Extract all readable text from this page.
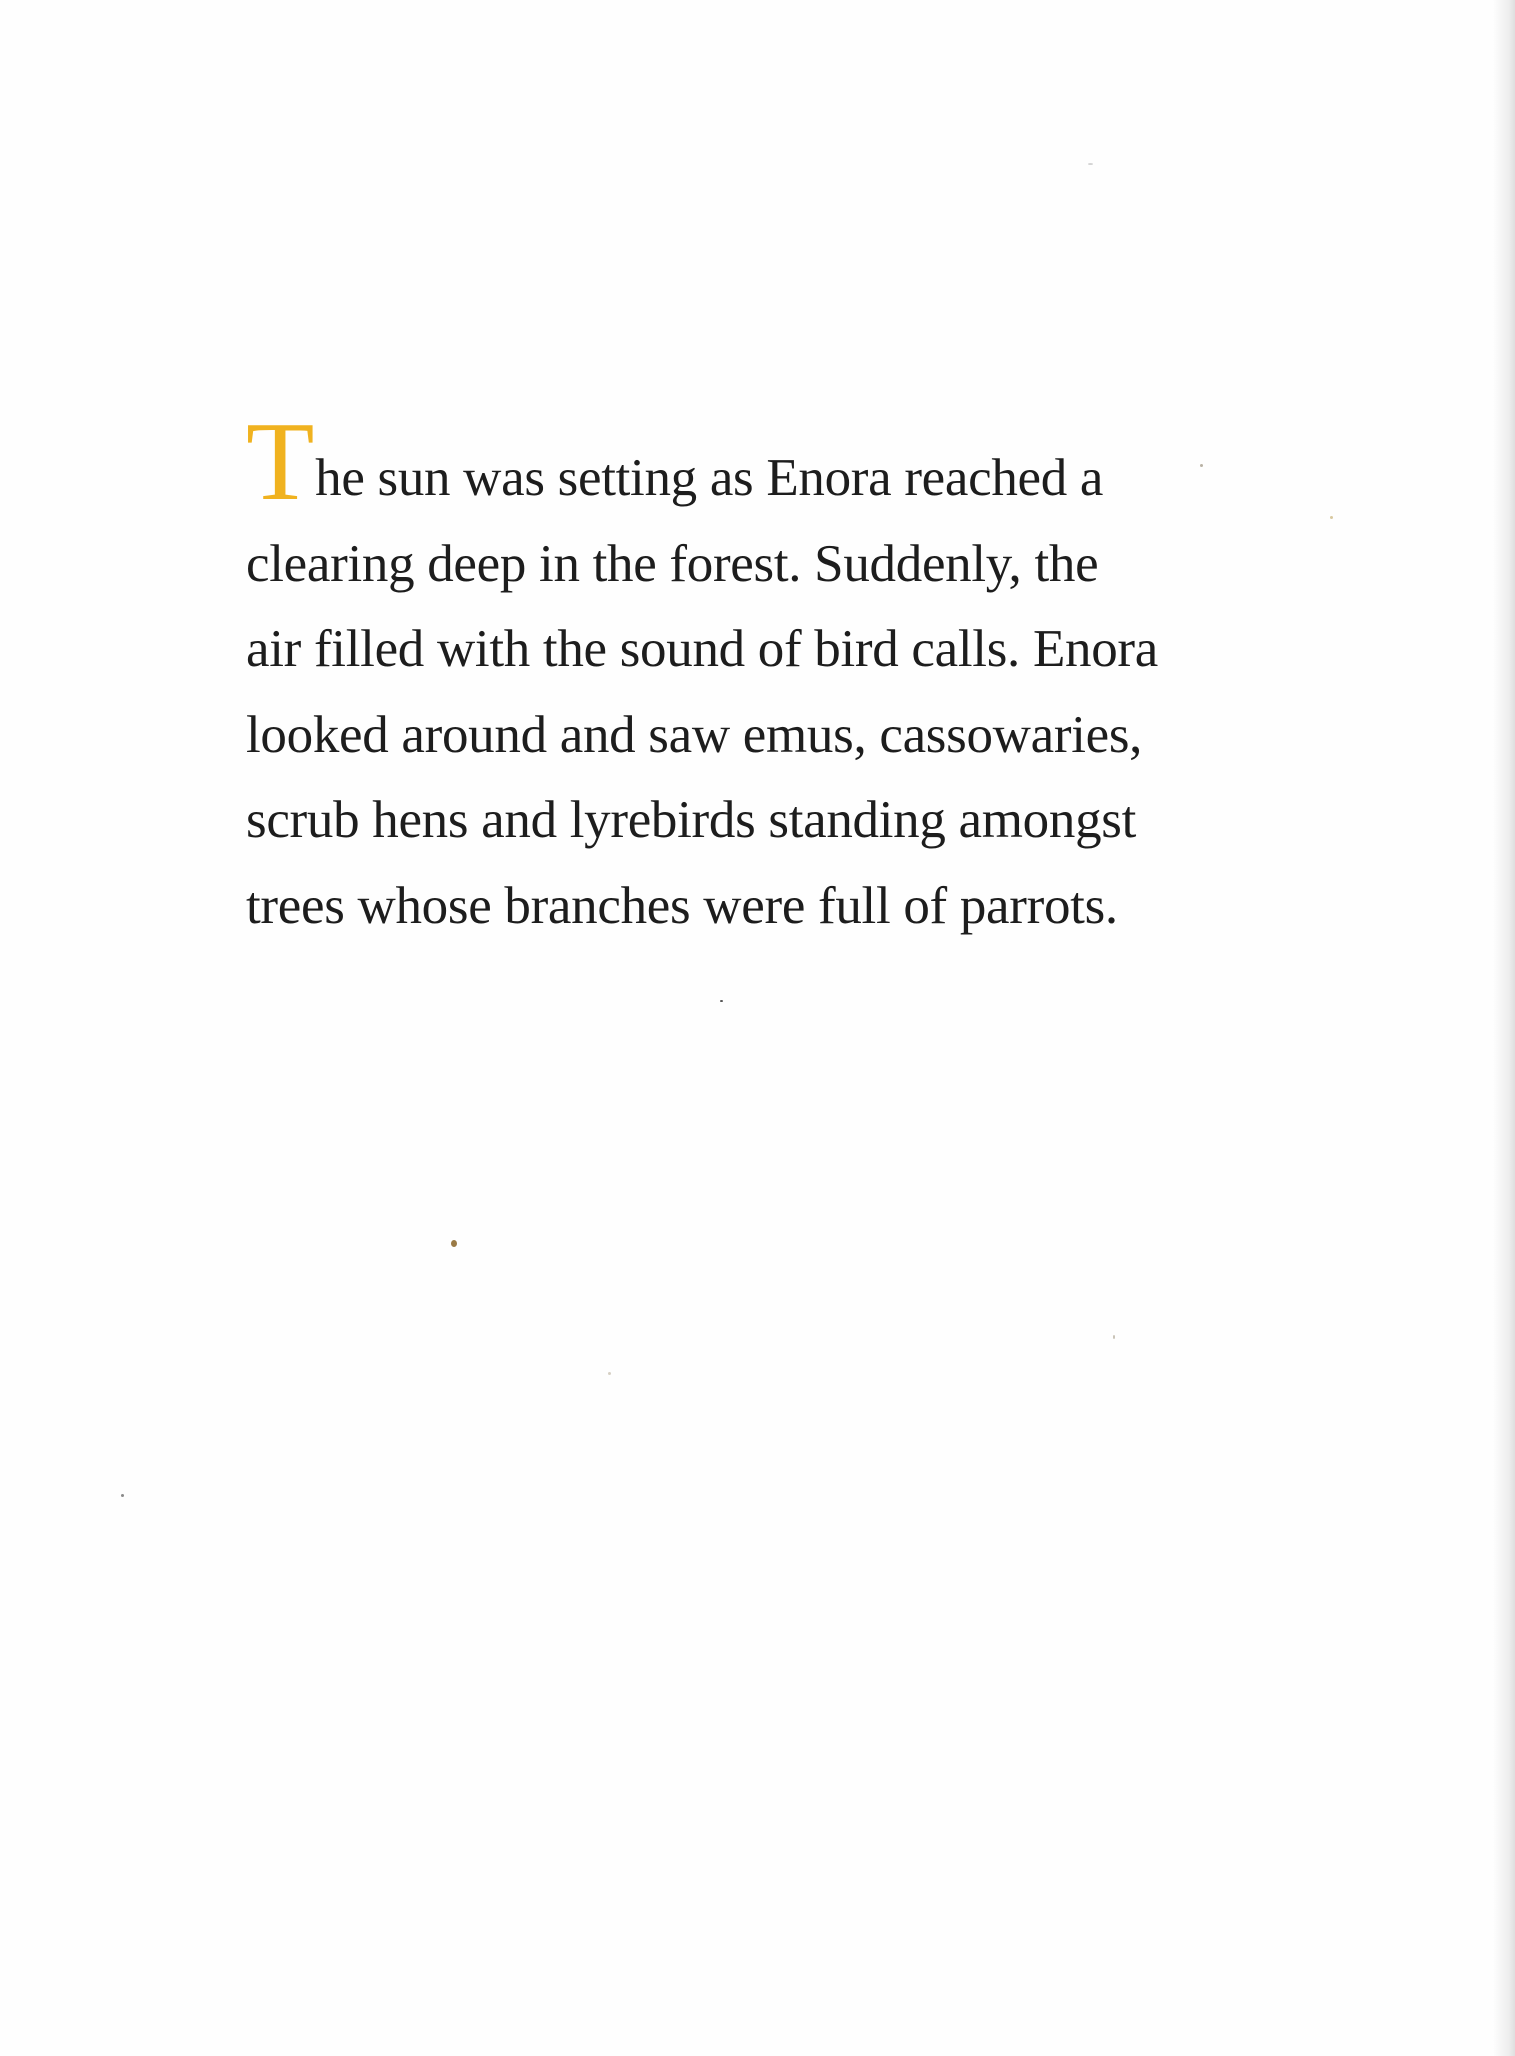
The sun was setting as Enora reached a
clearing deep in the forest. Suddenly, the
air filled with the sound of bird calls. Enora
looked around and saw emus, cassowaries,
scrub hens and lyrebirds standing amongst
trees whose branches were full of parrots.
